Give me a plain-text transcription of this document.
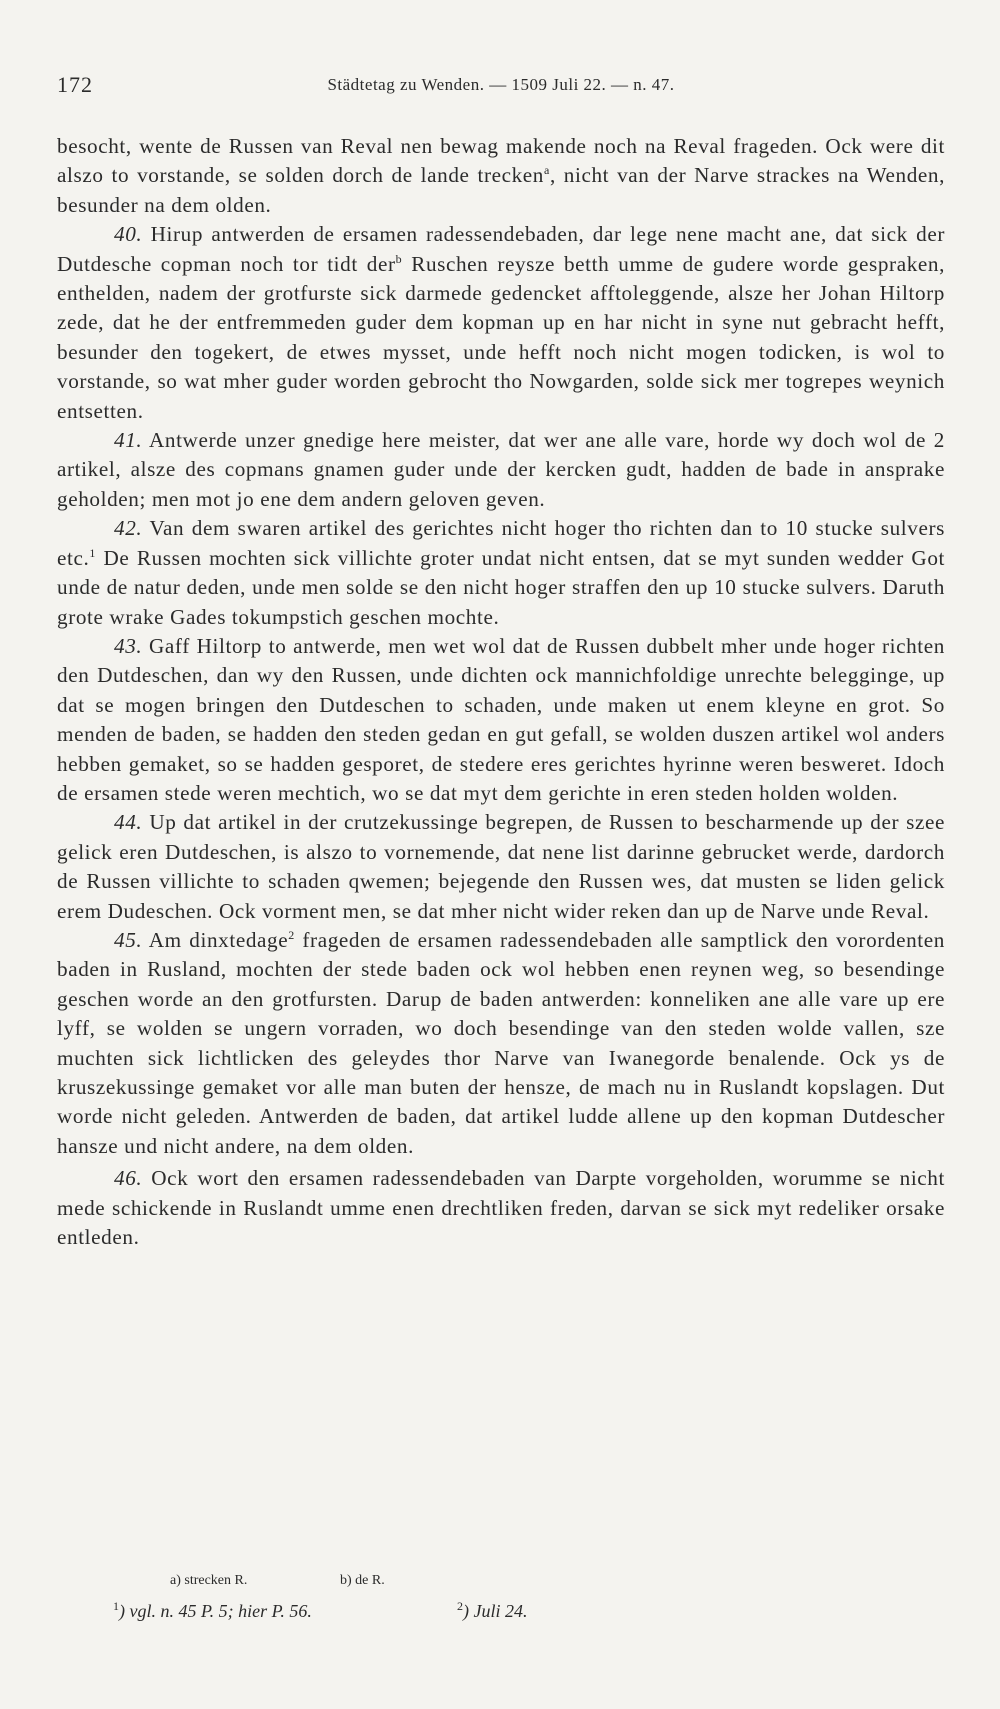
172	Städtetag zu Wenden. — 1509 Juli 22. — n. 47.

besocht, wente de Russen van Reval nen bewag makende noch na Reval frageden. Ock were dit alszo to vorstande, se solden dorch de lande trecken$^a$, nicht van der Narve strackes na Wenden, besunder na dem olden.

40. Hirup antwerden de ersamen radessendebaden, dar lege nene macht ane, dat sick der Dutdesche copman noch tor tidt der$^b$ Ruschen reysze betth umme de gudere worde gespraken, enthelden, nadem der grotfurste sick darmede gedencket afftoleggende, alsze her Johan Hiltorp zede, dat he der entfremmeden guder dem kopman up en har nicht in syne nut gebracht hefft, besunder den togekert, de etwes mysset, unde hefft noch nicht mogen todicken, is wol to vorstande, so wat mher guder worden gebrocht tho Nowgarden, solde sick mer togrepes weynich entsetten.

41. Antwerde unzer gnedige here meister, dat wer ane alle vare, horde wy doch wol de 2 artikel, alsze des copmans gnamen guder unde der kercken gudt, hadden de bade in ansprake geholden; men mot jo ene dem andern geloven geven.

42. Van dem swaren artikel des gerichtes nicht hoger tho richten dan to 10 stucke sulvers etc.$^1$ De Russen mochten sick villichte groter undat nicht entsen, dat se myt sunden wedder Got unde de natur deden, unde men solde se den nicht hoger straffen den up 10 stucke sulvers. Daruth grote wrake Gades tokumpstich geschen mochte.

43. Gaff Hiltorp to antwerde, men wet wol dat de Russen dubbelt mher unde hoger richten den Dutdeschen, dan wy den Russen, unde dichten ock mannichfoldige unrechte belegginge, up dat se mogen bringen den Dutdeschen to schaden, unde maken ut enem kleyne en grot. So menden de baden, se hadden den steden gedan en gut gefall, se wolden duszen artikel wol anders hebben gemaket, so se hadden gesporet, de stedere eres gerichtes hyrinne weren besweret. Idoch de ersamen stede weren mechtich, wo se dat myt dem gerichte in eren steden holden wolden.

44. Up dat artikel in der crutzekussinge begrepen, de Russen to bescharmende up der szee gelick eren Dutdeschen, is alszo to vornemende, dat nene list darinne gebrucket werde, dardorch de Russen villichte to schaden qwemen; bejegende den Russen wes, dat musten se liden gelick erem Dudeschen. Ock vorment men, se dat mher nicht wider reken dan up de Narve unde Reval.

45. Am dinxtedage$^2$ frageden de ersamen radessendebaden alle samptlick den vorordenten baden in Rusland, mochten der stede baden ock wol hebben enen reynen weg, so besendinge geschen worde an den grotfursten. Darup de baden antwerden: konneliken ane alle vare up ere lyff, se wolden se ungern vorraden, wo doch besendinge van den steden wolde vallen, sze muchten sick lichtlicken des geleydes thor Narve van Iwanegorde benalende. Ock ys de kruszekussinge gemaket vor alle man buten der hensze, de mach nu in Ruslandt kopslagen. Dut worde nicht geleden. Antwerden de baden, dat artikel ludde allene up den kopman Dutdescher hansze und nicht andere, na dem olden.

46. Ock wort den ersamen radessendebaden van Darpte vorgeholden, worumme se nicht mede schickende in Ruslandt umme enen drechtliken freden, darvan se sick myt redeliker orsake entleden.

a) strecken R.	b) de R.
$^1$) vgl. n. 45 P. 5; hier P. 56.	$^2$) Juli 24.
